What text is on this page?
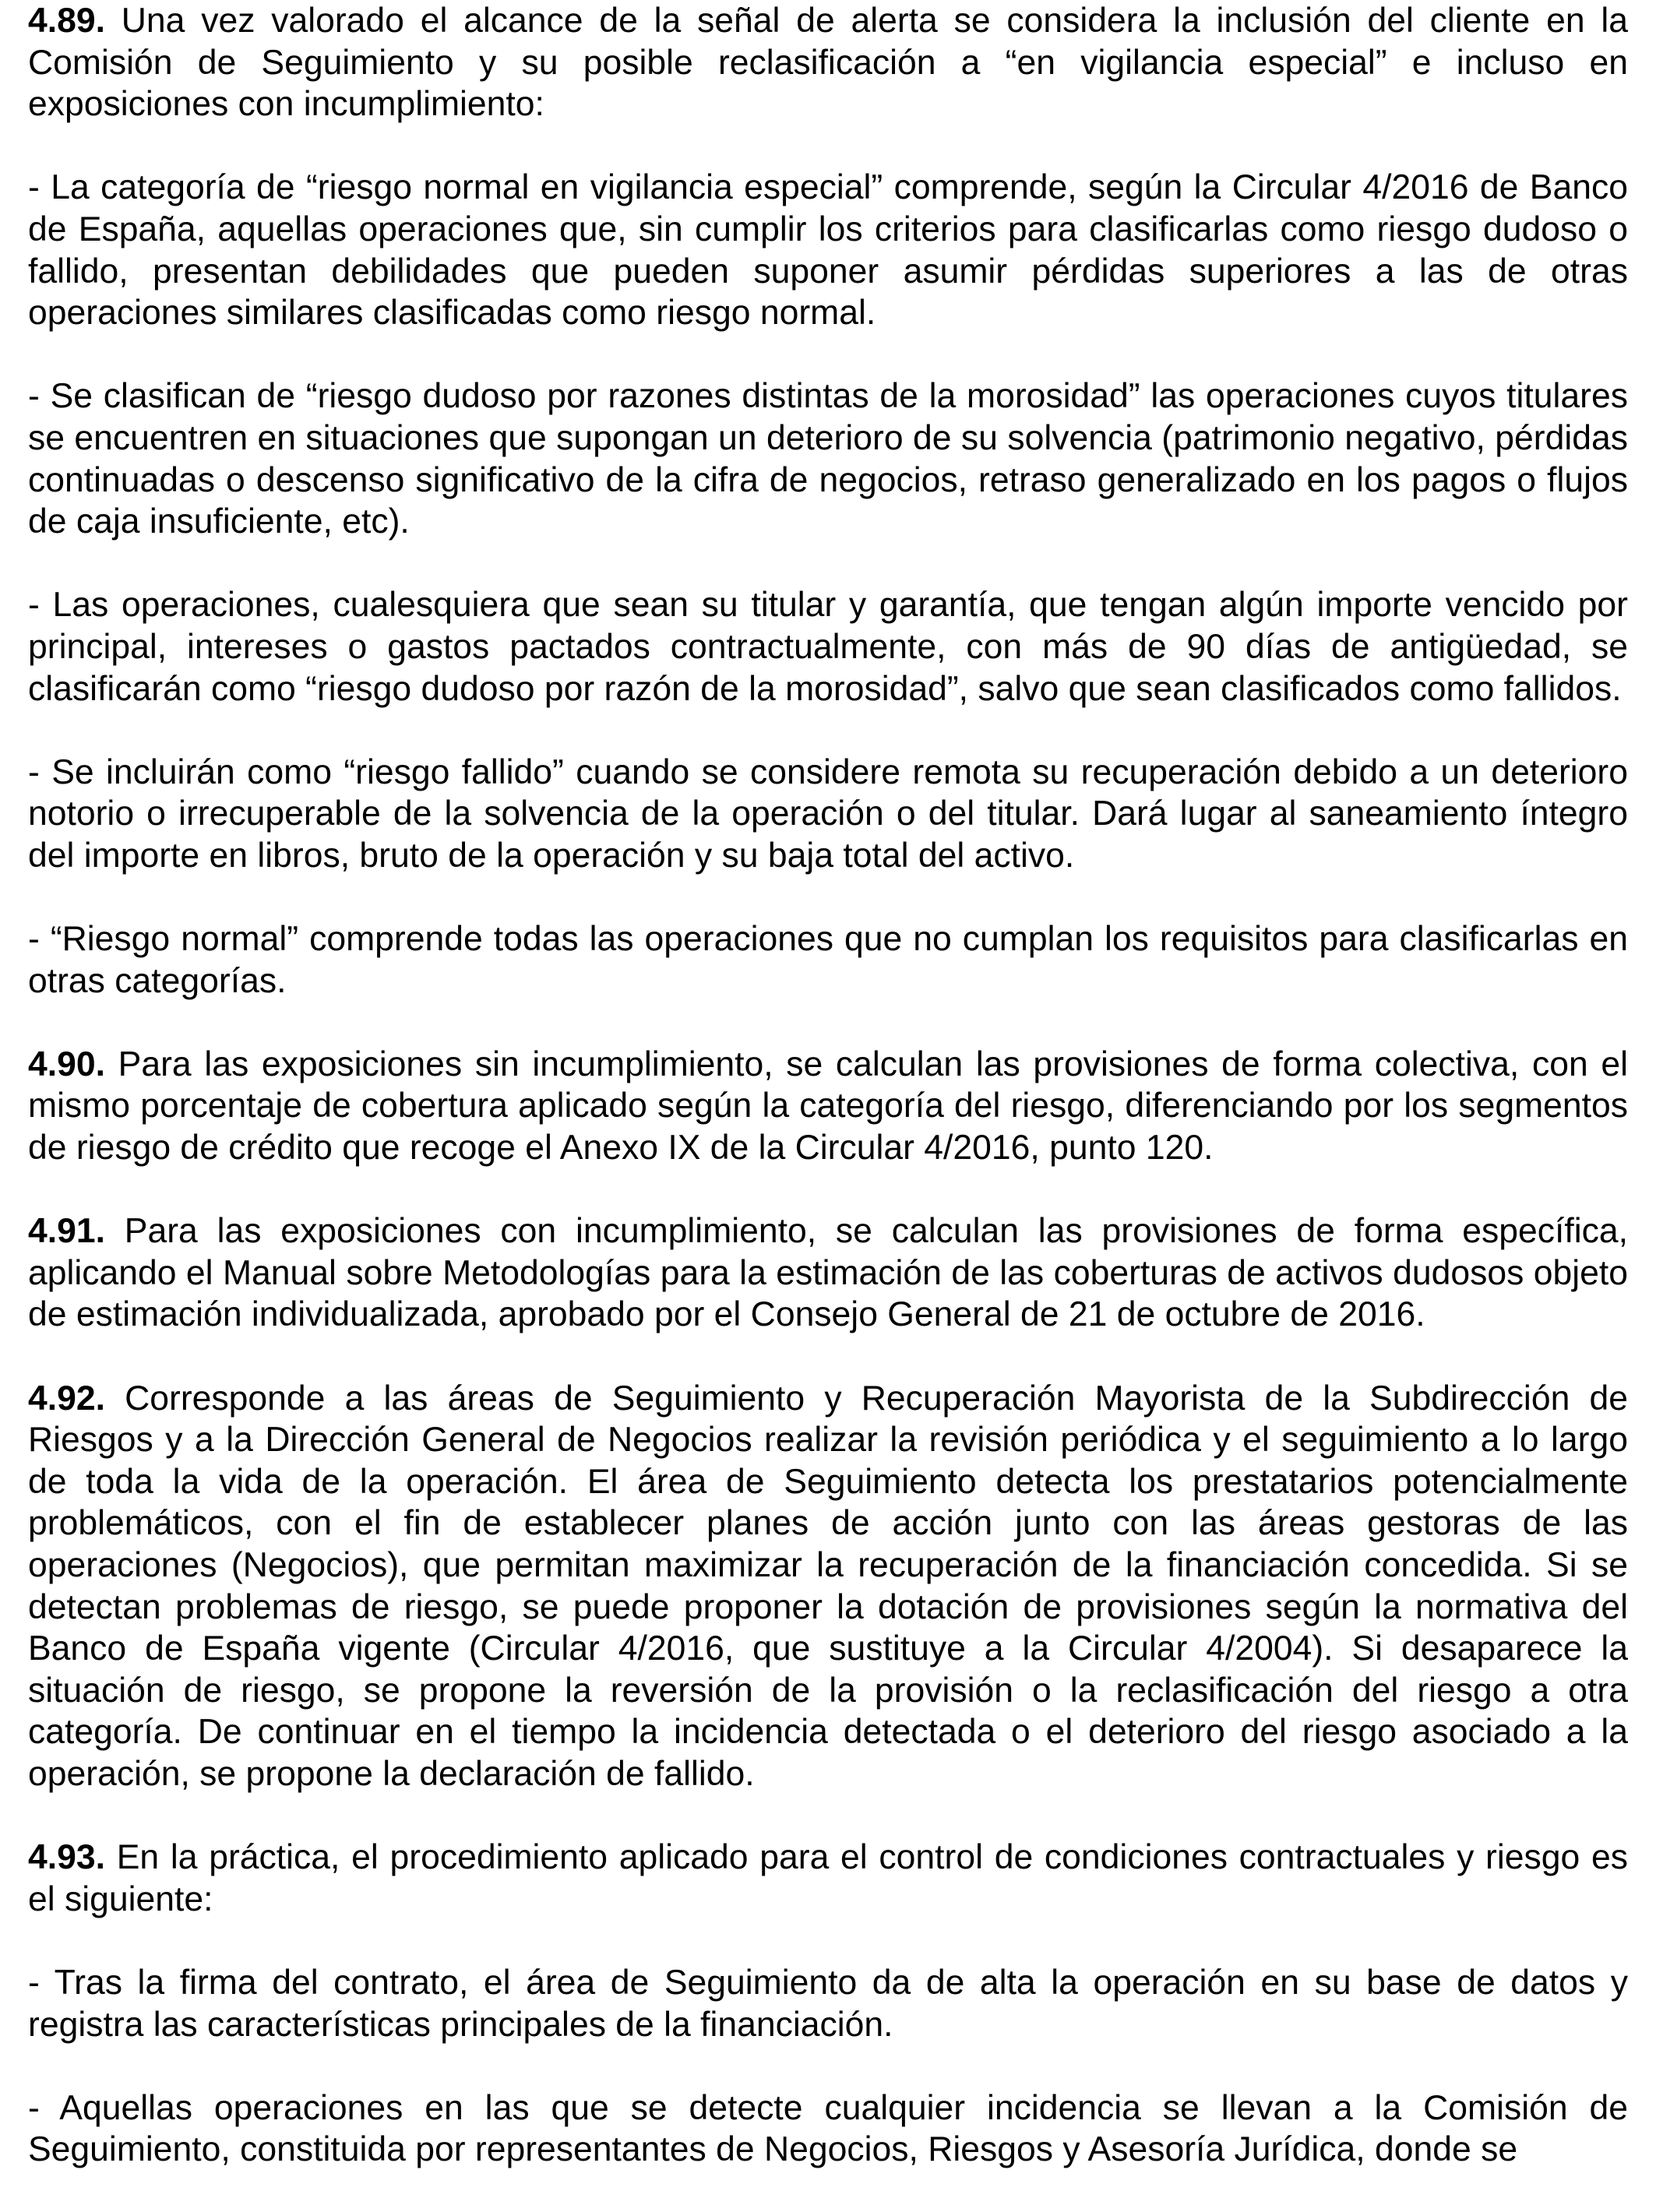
4.89. Una vez valorado el alcance de la señal de alerta se considera la inclusión del cliente en la Comisión de Seguimiento y su posible reclasificación a “en vigilancia especial” e incluso en exposiciones con incumplimiento:

- La categoría de “riesgo normal en vigilancia especial” comprende, según la Circular 4/2016 de Banco de España, aquellas operaciones que, sin cumplir los criterios para clasificarlas como riesgo dudoso o fallido, presentan debilidades que pueden suponer asumir pérdidas superiores a las de otras operaciones similares clasificadas como riesgo normal.

- Se clasifican de “riesgo dudoso por razones distintas de la morosidad” las operaciones cuyos titulares se encuentren en situaciones que supongan un deterioro de su solvencia (patrimonio negativo, pérdidas continuadas o descenso significativo de la cifra de negocios, retraso generalizado en los pagos o flujos de caja insuficiente, etc).

- Las operaciones, cualesquiera que sean su titular y garantía, que tengan algún importe vencido por principal, intereses o gastos pactados contractualmente, con más de 90 días de antigüedad, se clasificarán como “riesgo dudoso por razón de la morosidad”, salvo que sean clasificados como fallidos.

- Se incluirán como “riesgo fallido” cuando se considere remota su recuperación debido a un deterioro notorio o irrecuperable de la solvencia de la operación o del titular. Dará lugar al saneamiento íntegro del importe en libros, bruto de la operación y su baja total del activo.

- “Riesgo normal” comprende todas las operaciones que no cumplan los requisitos para clasificarlas en otras categorías.

4.90. Para las exposiciones sin incumplimiento, se calculan las provisiones de forma colectiva, con el mismo porcentaje de cobertura aplicado según la categoría del riesgo, diferenciando por los segmentos de riesgo de crédito que recoge el Anexo IX de la Circular 4/2016, punto 120.

4.91. Para las exposiciones con incumplimiento, se calculan las provisiones de forma específica, aplicando el Manual sobre Metodologías para la estimación de las coberturas de activos dudosos objeto de estimación individualizada, aprobado por el Consejo General de 21 de octubre de 2016.

4.92. Corresponde a las áreas de Seguimiento y Recuperación Mayorista de la Subdirección de Riesgos y a la Dirección General de Negocios realizar la revisión periódica y el seguimiento a lo largo de toda la vida de la operación. El área de Seguimiento detecta los prestatarios potencialmente problemáticos, con el fin de establecer planes de acción junto con las áreas gestoras de las operaciones (Negocios), que permitan maximizar la recuperación de la financiación concedida. Si se detectan problemas de riesgo, se puede proponer la dotación de provisiones según la normativa del Banco de España vigente (Circular 4/2016, que sustituye a la Circular 4/2004). Si desaparece la situación de riesgo, se propone la reversión de la provisión o la reclasificación del riesgo a otra categoría. De continuar en el tiempo la incidencia detectada o el deterioro del riesgo asociado a la operación, se propone la declaración de fallido.

4.93. En la práctica, el procedimiento aplicado para el control de condiciones contractuales y riesgo es el siguiente:

- Tras la firma del contrato, el área de Seguimiento da de alta la operación en su base de datos y registra las características principales de la financiación.

- Aquellas operaciones en las que se detecte cualquier incidencia se llevan a la Comisión de Seguimiento, constituida por representantes de Negocios, Riesgos y Asesoría Jurídica, donde se
